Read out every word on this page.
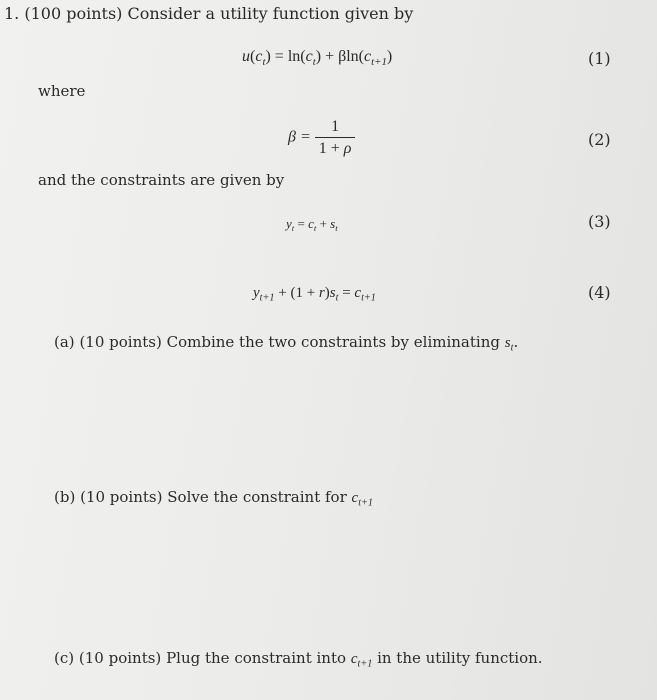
1. (100 points) Consider a utility function given by
$u(c_t) = \ln(c_t) + \beta\ln(c_{t+1})$	(1)
where
$\beta = \frac{1}{1 + \rho}$	(2)
and the constraints are given by
$y_t = c_t + s_t$	(3)
$y_{t+1} + (1 + r)s_t = c_{t+1}$	(4)
(a) (10 points) Combine the two constraints by eliminating $s_t$.
(b) (10 points) Solve the constraint for $c_{t+1}$
(c) (10 points) Plug the constraint into $c_{t+1}$ in the utility function.
